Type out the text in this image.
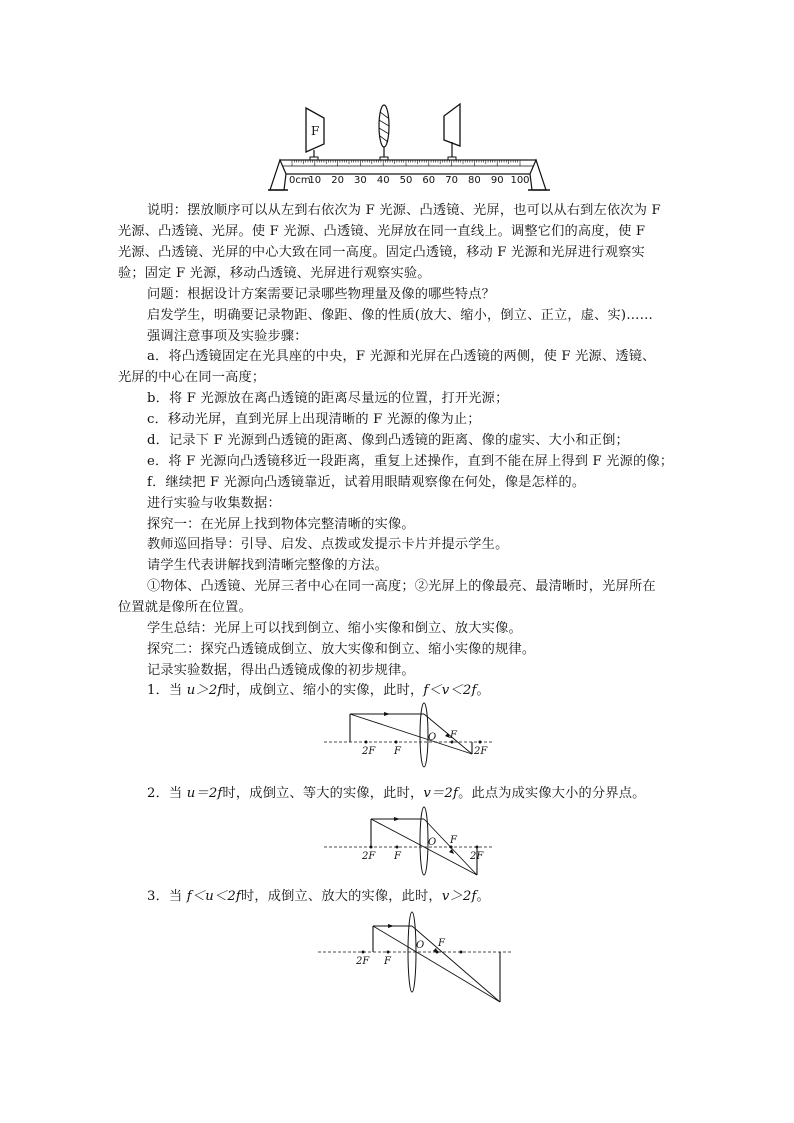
F
0cm
10 20 30 40 50 60 70 80 90 100
说明：摆放顺序可以从左到右依次为 F 光源、凸透镜、光屏，也可以从右到左依次为 F
光源、凸透镜、光屏。使 F 光源、凸透镜、光屏放在同一直线上。调整它们的高度，使 F
光源、凸透镜、光屏的中心大致在同一高度。固定凸透镜，移动 F 光源和光屏进行观察实
验；固定 F 光源，移动凸透镜、光屏进行观察实验。
问题：根据设计方案需要记录哪些物理量及像的哪些特点？
启发学生，明确要记录物距、像距、像的性质(放大、缩小，倒立、正立，虚、实)……
强调注意事项及实验步骤：
a．将凸透镜固定在光具座的中央，F 光源和光屏在凸透镜的两侧，使 F 光源、透镜、
光屏的中心在同一高度；
b．将 F 光源放在离凸透镜的距离尽量远的位置，打开光源；
c．移动光屏，直到光屏上出现清晰的 F 光源的像为止；
d．记录下 F 光源到凸透镜的距离、像到凸透镜的距离、像的虚实、大小和正倒；
e．将 F 光源向凸透镜移近一段距离，重复上述操作，直到不能在屏上得到 F 光源的像；
f．继续把 F 光源向凸透镜靠近，试着用眼睛观察像在何处，像是怎样的。
进行实验与收集数据：
探究一：在光屏上找到物体完整清晰的实像。
教师巡回指导：引导、启发、点拨或发提示卡片并提示学生。
请学生代表讲解找到清晰完整像的方法。
①物体、凸透镜、光屏三者中心在同一高度；②光屏上的像最亮、最清晰时，光屏所在
位置就是像所在位置。
学生总结：光屏上可以找到倒立、缩小实像和倒立、放大实像。
探究二：探究凸透镜成倒立、放大实像和倒立、缩小实像的规律。
记录实验数据，得出凸透镜成像的初步规律。
1．当 u＞2f时，成倒立、缩小的实像，此时，f＜v＜2f。
2F F
O F
2F
2．当 u＝2f时，成倒立、等大的实像，此时，v＝2f。此点为成实像大小的分界点。
2F F
O F
2F
3．当 f＜u＜2f时，成倒立、放大的实像，此时，v＞2f。
2F F
O F
